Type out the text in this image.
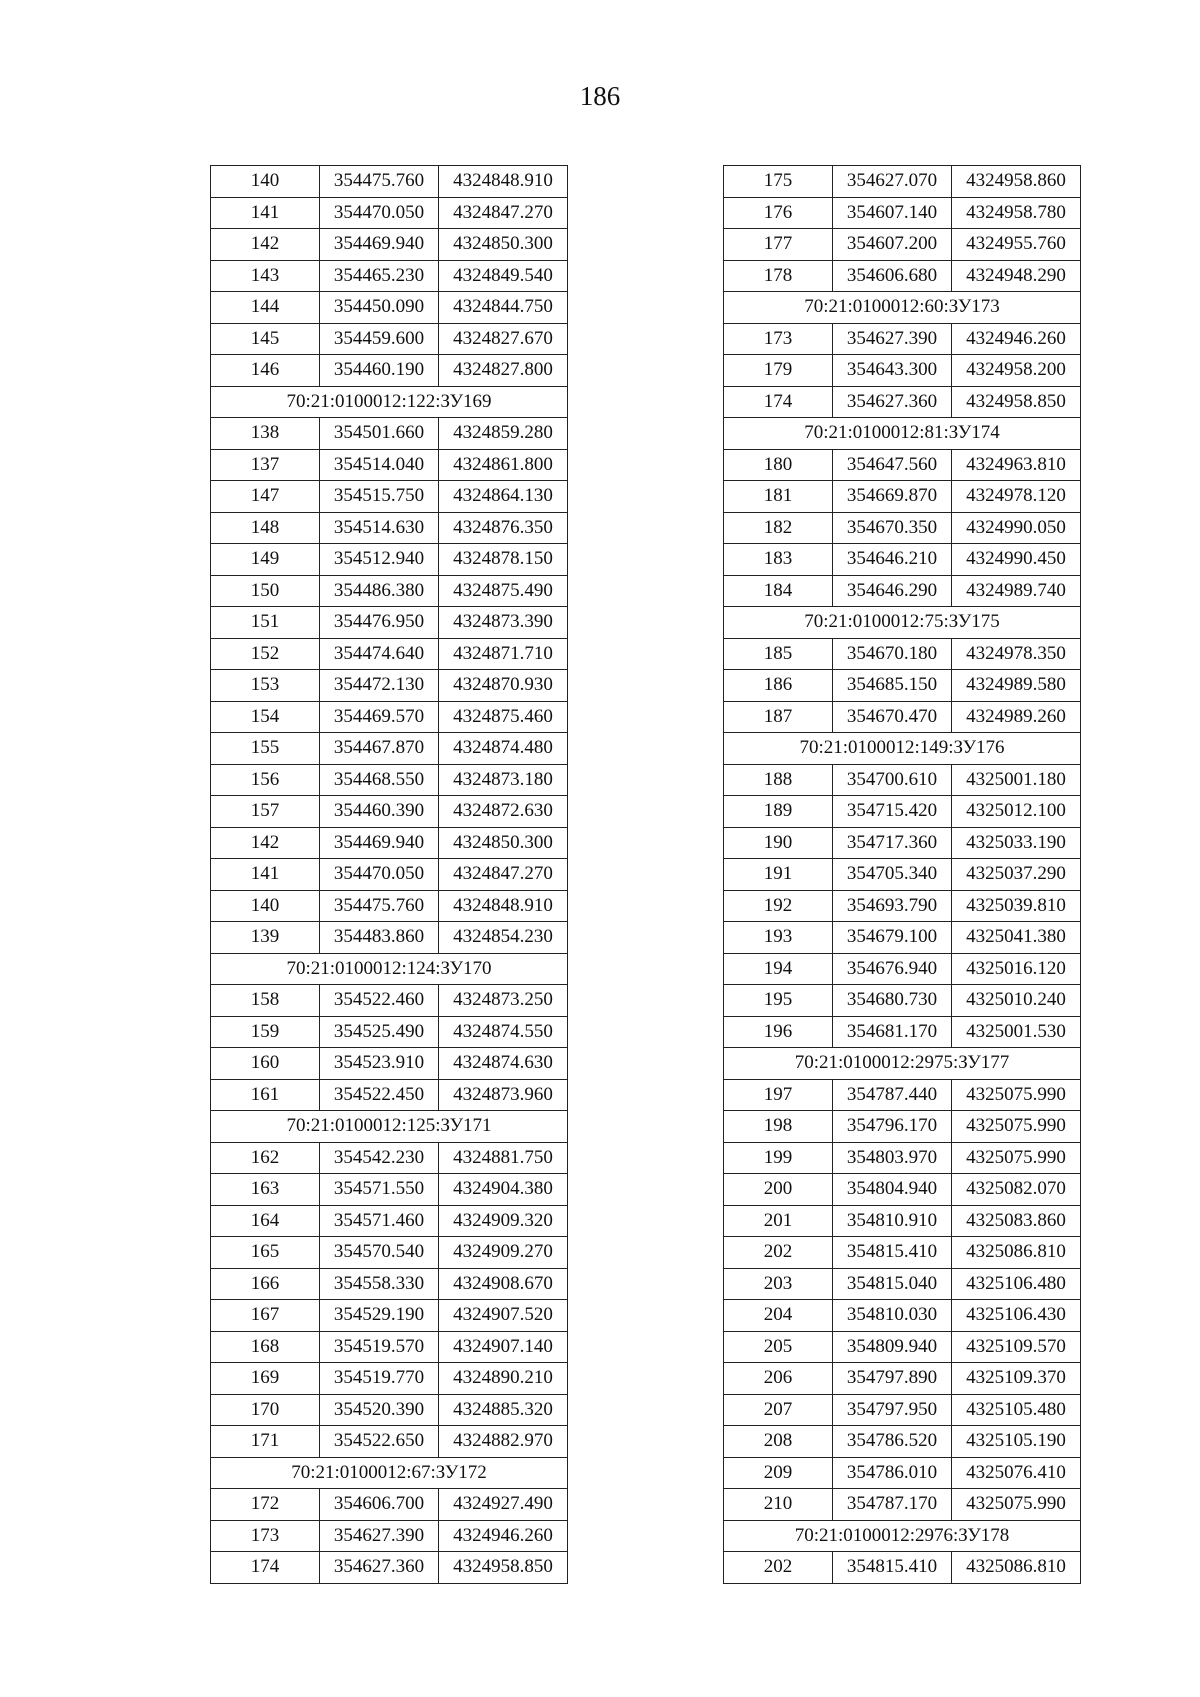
186
140	354475.760	4324848.910
141	354470.050	4324847.270
142	354469.940	4324850.300
143	354465.230	4324849.540
144	354450.090	4324844.750
145	354459.600	4324827.670
146	354460.190	4324827.800
70:21:0100012:122:ЗУ169		
138	354501.660	4324859.280
137	354514.040	4324861.800
147	354515.750	4324864.130
148	354514.630	4324876.350
149	354512.940	4324878.150
150	354486.380	4324875.490
151	354476.950	4324873.390
152	354474.640	4324871.710
153	354472.130	4324870.930
154	354469.570	4324875.460
155	354467.870	4324874.480
156	354468.550	4324873.180
157	354460.390	4324872.630
142	354469.940	4324850.300
141	354470.050	4324847.270
140	354475.760	4324848.910
139	354483.860	4324854.230
70:21:0100012:124:ЗУ170		
158	354522.460	4324873.250
159	354525.490	4324874.550
160	354523.910	4324874.630
161	354522.450	4324873.960
70:21:0100012:125:ЗУ171		
162	354542.230	4324881.750
163	354571.550	4324904.380
164	354571.460	4324909.320
165	354570.540	4324909.270
166	354558.330	4324908.670
167	354529.190	4324907.520
168	354519.570	4324907.140
169	354519.770	4324890.210
170	354520.390	4324885.320
171	354522.650	4324882.970
70:21:0100012:67:ЗУ172		
172	354606.700	4324927.490
173	354627.390	4324946.260
174	354627.360	4324958.850
175	354627.070	4324958.860
176	354607.140	4324958.780
177	354607.200	4324955.760
178	354606.680	4324948.290
70:21:0100012:60:ЗУ173		
173	354627.390	4324946.260
179	354643.300	4324958.200
174	354627.360	4324958.850
70:21:0100012:81:ЗУ174		
180	354647.560	4324963.810
181	354669.870	4324978.120
182	354670.350	4324990.050
183	354646.210	4324990.450
184	354646.290	4324989.740
70:21:0100012:75:ЗУ175		
185	354670.180	4324978.350
186	354685.150	4324989.580
187	354670.470	4324989.260
70:21:0100012:149:ЗУ176		
188	354700.610	4325001.180
189	354715.420	4325012.100
190	354717.360	4325033.190
191	354705.340	4325037.290
192	354693.790	4325039.810
193	354679.100	4325041.380
194	354676.940	4325016.120
195	354680.730	4325010.240
196	354681.170	4325001.530
70:21:0100012:2975:ЗУ177		
197	354787.440	4325075.990
198	354796.170	4325075.990
199	354803.970	4325075.990
200	354804.940	4325082.070
201	354810.910	4325083.860
202	354815.410	4325086.810
203	354815.040	4325106.480
204	354810.030	4325106.430
205	354809.940	4325109.570
206	354797.890	4325109.370
207	354797.950	4325105.480
208	354786.520	4325105.190
209	354786.010	4325076.410
210	354787.170	4325075.990
70:21:0100012:2976:ЗУ178		
202	354815.410	4325086.810
